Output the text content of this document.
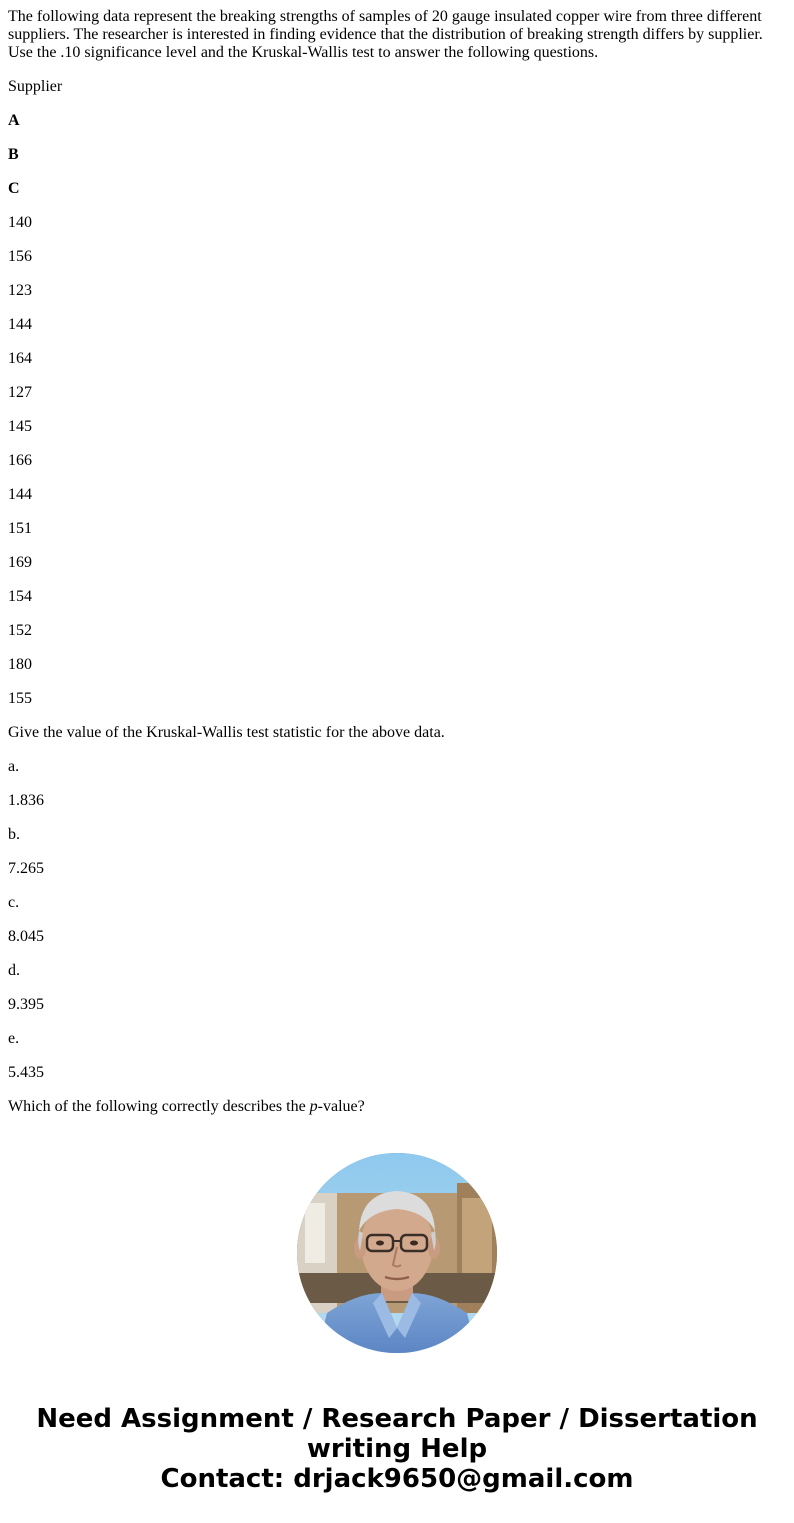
The following data represent the breaking strengths of samples of 20 gauge insulated copper wire from three different suppliers. The researcher is interested in finding evidence that the distribution of breaking strength differs by supplier. Use the .10 significance level and the Kruskal-Wallis test to answer the following questions.

Supplier

A

B

C

140

156

123

144

164

127

145

166

144

151

169

154

152

180

155

Give the value of the Kruskal-Wallis test statistic for the above data.

a.

1.836

b.

7.265

c.

8.045

d.

9.395

e.

5.435

Which of the following correctly describes the p-value?

Need Assignment / Research Paper / Dissertation
writing Help
Contact: drjack9650@gmail.com
